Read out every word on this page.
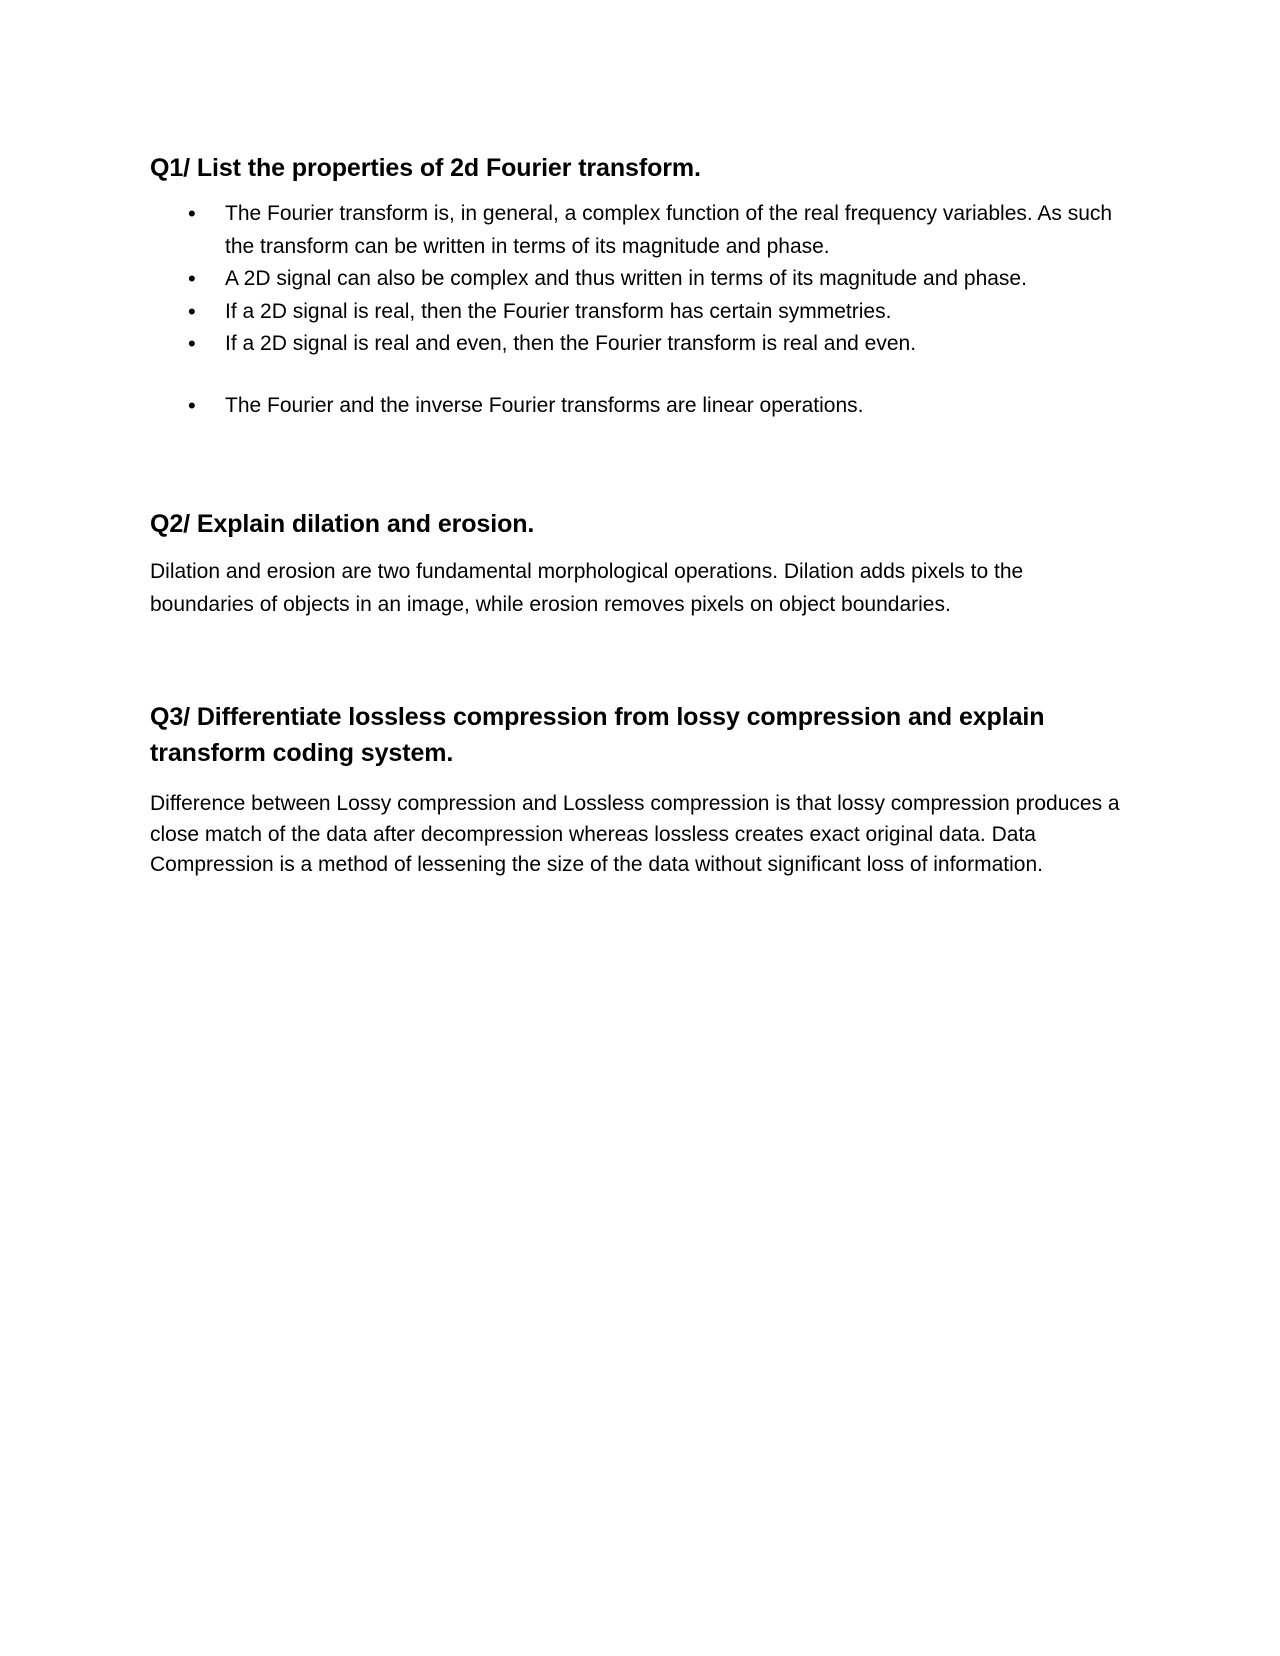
Q1/ List the properties of 2d Fourier transform.
• The Fourier transform is, in general, a complex function of the real frequency variables. As such the transform can be written in terms of its magnitude and phase.
• A 2D signal can also be complex and thus written in terms of its magnitude and phase.
• If a 2D signal is real, then the Fourier transform has certain symmetries.
• If a 2D signal is real and even, then the Fourier transform is real and even.
• The Fourier and the inverse Fourier transforms are linear operations.
Q2/ Explain dilation and erosion.

Dilation and erosion are two fundamental morphological operations. Dilation adds pixels to the boundaries of objects in an image, while erosion removes pixels on object boundaries.

Q3/ Differentiate lossless compression from lossy compression and explain transform coding system.

Difference between Lossy compression and Lossless compression is that lossy compression produces a close match of the data after decompression whereas lossless creates exact original data. Data Compression is a method of lessening the size of the data without significant loss of information.
